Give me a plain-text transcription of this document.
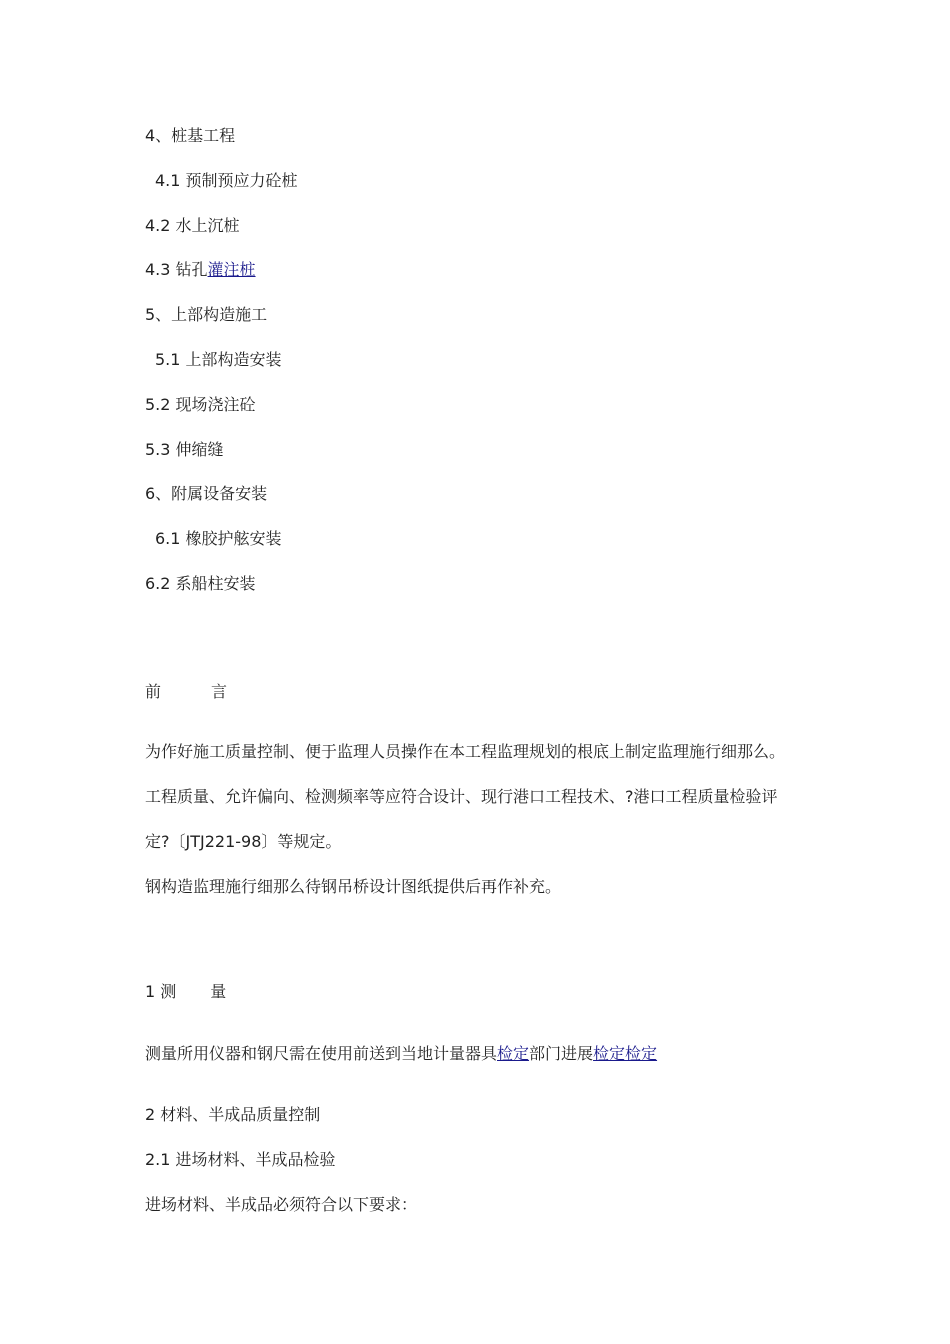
4、桩基工程
4.1 预制预应力砼桩
4.2 水上沉桩
4.3 钻孔灌注桩
5、上部构造施工
5.1 上部构造安装
5.2 现场浇注砼
5.3 伸缩缝
6、附属设备安装
6.1 橡胶护舷安装
6.2 系船柱安装
前	言
为作好施工质量控制、便于监理人员操作在本工程监理规划的根底上制定监理施行细那么。
工程质量、允许偏向、检测频率等应符合设计、现行港口工程技术、?港口工程质量检验评
定?〔JTJ221-98〕等规定。
钢构造监理施行细那么待钢吊桥设计图纸提供后再作补充。
1 测 量
测量所用仪器和钢尺需在使用前送到当地计量器具检定部门进展检定检定
2 材料、半成品质量控制
2.1 进场材料、半成品检验
进场材料、半成品必须符合以下要求：
